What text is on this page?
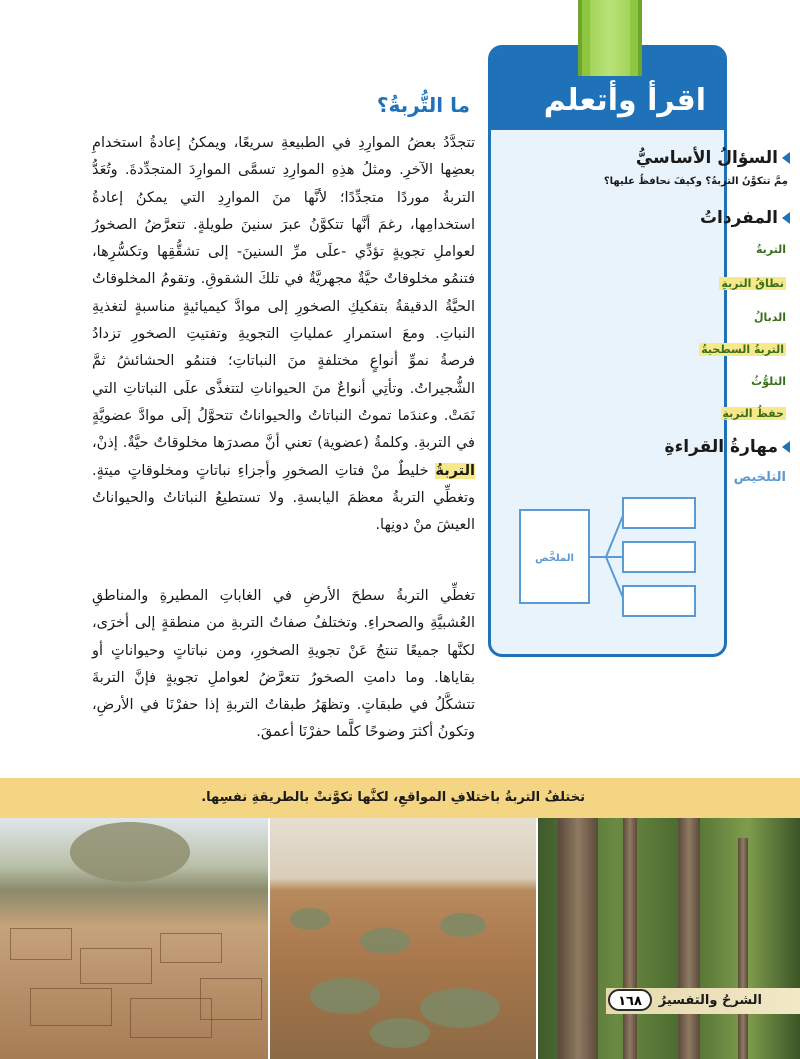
اقرأ وأتعلم
السؤالُ الأساسيُّ
مِمَّ تتكوَّنُ التربةُ؟ وكيفَ نحافظُ عليها؟
المفرداتُ
التربةُ
نطاقُ التربةِ
الدبالُ
التربةُ السطحيةُ
التلوُّثُ
حفظُ التربةِ
مهارةُ القراءةِ
التلخيص
الملخَّص
ما التُّربةُ؟
تتجدَّدُ بعضُ الموارِدِ في الطبيعةِ سريعًا، ويمكنُ إعادةُ استخدامِ بعضِها الآخرِ. ومثلُ هذِهِ الموارِدِ تسمَّى الموارِدَ المتجدِّدةَ. وتُعَدُّ التربةُ موردًا متجدِّدًا؛ لأنَّها منَ الموارِدِ التي يمكنُ إعادةُ استخدامِها، رغمَ أنَّها تتكوَّنُ عبرَ سنينَ طويلةٍ. تتعرَّضُ الصخورُ لعواملِ تجويةٍ تؤدِّي -علَى مرِّ السنينَ- إلى تشقُّقِها وتكسُّرِها، فتنمُو مخلوقاتٌ حيَّةٌ مجهريَّةٌ في تلكَ الشقوقِ. وتقومُ المخلوقاتُ الحيَّةُ الدقيقةُ بتفكيكِ الصخورِ إلى موادَّ كيميائيةٍ مناسبةٍ لتغذيةِ النباتِ. ومعَ استمرارِ عملياتِ التجويةِ وتفتيتِ الصخورِ تزدادُ فرصةُ نموِّ أنواعٍ مختلفةٍ منَ النباتاتِ؛ فتنمُو الحشائشُ ثمَّ الشُّجيراتُ. وتأتِي أنواعٌ منَ الحيواناتِ لتتغذَّى علَى النباتاتِ التي نَمَتْ. وعندَما تموتُ النباتاتُ والحيواناتُ تتحوَّلُ إلَى موادَّ عضويَّةٍ في التربةِ. وكلمةُ (عضوية) تعني أنَّ مصدرَها مخلوقاتٌ حيَّةٌ. إذنْ، التربةُ خليطٌ منْ فتاتِ الصخورِ وأجزاءِ نباتاتٍ ومخلوقاتٍ ميتةٍ. وتغطِّي التربةُ معظمَ اليابسةِ. ولا تستطيعُ النباتاتُ والحيواناتُ العيشَ منْ دونِها.
تغطِّي التربةُ سطحَ الأرضِ في الغاباتِ المطيرةِ والمناطقِ العُشبيَّةِ والصحراءِ. وتختلفُ صفاتُ التربةِ من منطقةٍ إلى أخرَى، لكنَّها جميعًا تنتجُ عَنْ تجويةِ الصخورِ، ومن نباتاتٍ وحيواناتٍ أو بقاياها. وما دامتِ الصخورُ تتعرَّضُ لعواملِ تجويةٍ فإنَّ التربةَ تتشكَّلُ في طبقاتٍ. وتظهَرُ طبقاتُ التربةِ إذا حفرْنَا في الأرضِ، وتكونُ أكثرَ وضوحًا كلَّما حفرْنَا أعمقَ.
تختلفُ التربةُ باختلافِ المواقعِ، لكنَّها تكوَّنتْ بالطريقةِ نفسِها.
١٦٨	الشرحُ والتفسيرُ
